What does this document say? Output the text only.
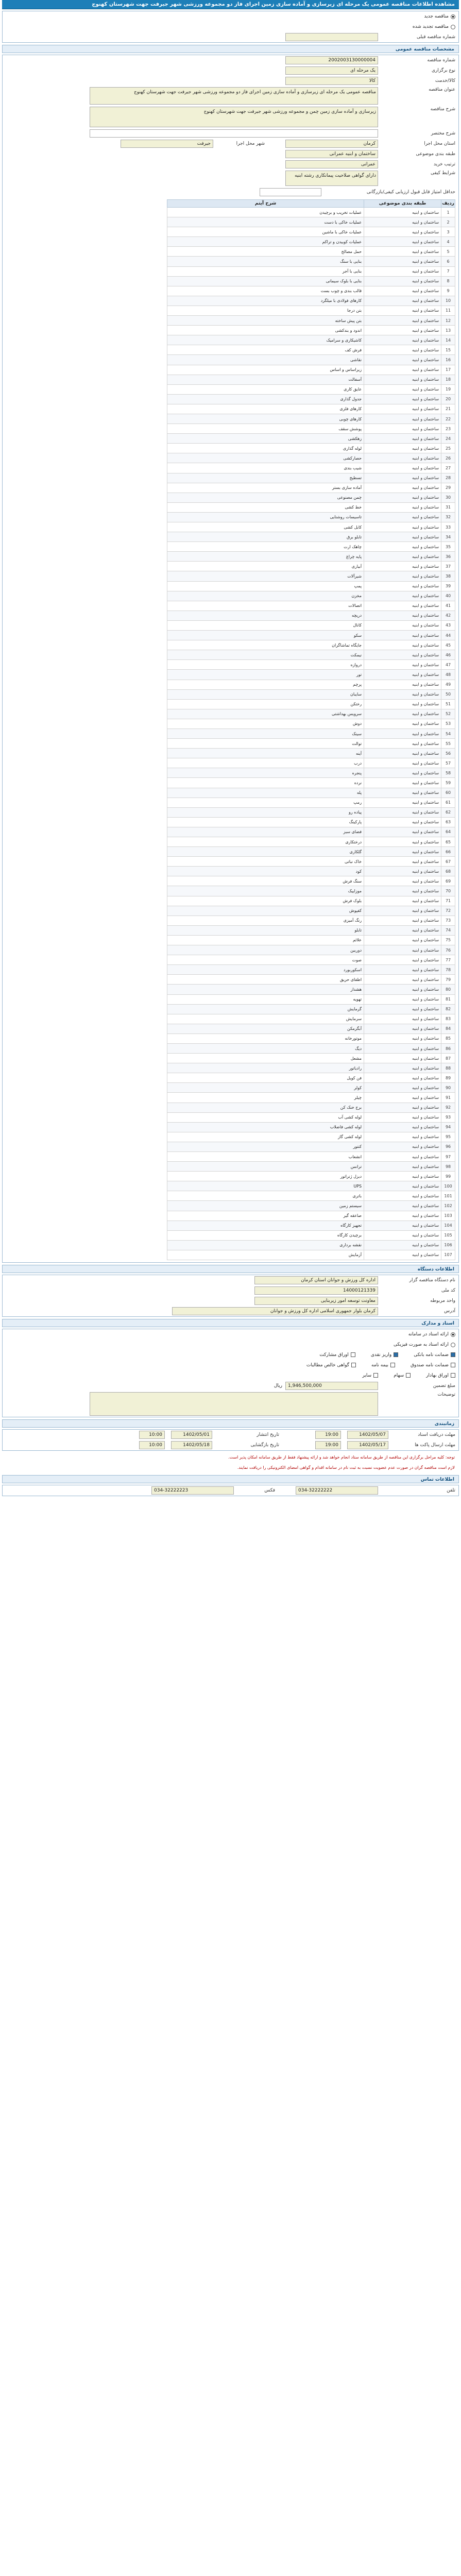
مشاهده اطلاعات مناقصه عمومی یک مرحله ای زیرسازی و آماده سازی زمین اجرای فاز دو مجموعه ورزشی شهر جیرفت جهت شهرستان کهنوج
مناقصه جدید
مناقصه تجدید شده
شماره مناقصه قبلی
مشخصات مناقصه عمومی
شماره مناقصه
2002003130000004
نوع برگزاری
یک مرحله ای
کالا/خدمت
کالا
عنوان مناقصه
مناقصه عمومی یک مرحله ای زیرسازی و آماده سازی زمین اجرای فاز دو مجموعه ورزشی شهر جیرفت جهت شهرستان کهنوج
شرح مناقصه
زیرسازی و آماده سازی زمین چمن و مجموعه ورزشی شهر جیرفت جهت شهرستان کهنوج
شرح مختصر
استان محل اجرا
کرمان
شهر محل اجرا
جیرفت
طبقه بندی موضوعی
ساختمان و ابنیه عمرانی
ترتیب خرید
عمرانی
شرایط کیفی
دارای گواهی صلاحیت پیمانکاری رشته ابنیه
حداقل امتیاز قابل قبول ارزیابی کیفی/بازرگانی
ردیف	طبقه بندی موضوعی	شرح آیتم
1	ساختمان و ابنیه	عملیات تخریب و برچیدن
2	ساختمان و ابنیه	عملیات خاکی با دست
3	ساختمان و ابنیه	عملیات خاکی با ماشین
4	ساختمان و ابنیه	عملیات کوبیدن و تراکم
5	ساختمان و ابنیه	حمل مصالح
6	ساختمان و ابنیه	بنایی با سنگ
7	ساختمان و ابنیه	بنایی با آجر
8	ساختمان و ابنیه	بنایی با بلوک سیمانی
9	ساختمان و ابنیه	قالب بندی و چوب بست
10	ساختمان و ابنیه	کارهای فولادی با میلگرد
11	ساختمان و ابنیه	بتن درجا
12	ساختمان و ابنیه	بتن پیش ساخته
13	ساختمان و ابنیه	اندود و بندکشی
14	ساختمان و ابنیه	کاشیکاری و سرامیک
15	ساختمان و ابنیه	فرش کف
16	ساختمان و ابنیه	نقاشی
17	ساختمان و ابنیه	زیراساس و اساس
18	ساختمان و ابنیه	آسفالت
19	ساختمان و ابنیه	عایق کاری
20	ساختمان و ابنیه	جدول گذاری
21	ساختمان و ابنیه	کارهای فلزی
22	ساختمان و ابنیه	کارهای چوبی
23	ساختمان و ابنیه	پوشش سقف
24	ساختمان و ابنیه	زهکشی
25	ساختمان و ابنیه	لوله گذاری
26	ساختمان و ابنیه	حصارکشی
27	ساختمان و ابنیه	شیب بندی
28	ساختمان و ابنیه	تسطیح
29	ساختمان و ابنیه	آماده سازی بستر
30	ساختمان و ابنیه	چمن مصنوعی
31	ساختمان و ابنیه	خط کشی
32	ساختمان و ابنیه	تاسیسات روشنایی
33	ساختمان و ابنیه	کابل کشی
34	ساختمان و ابنیه	تابلو برق
35	ساختمان و ابنیه	چاهک ارت
36	ساختمان و ابنیه	پایه چراغ
37	ساختمان و ابنیه	آبیاری
38	ساختمان و ابنیه	شیرآلات
39	ساختمان و ابنیه	پمپ
40	ساختمان و ابنیه	مخزن
41	ساختمان و ابنیه	اتصالات
42	ساختمان و ابنیه	دریچه
43	ساختمان و ابنیه	کانال
44	ساختمان و ابنیه	سکو
45	ساختمان و ابنیه	جایگاه تماشاگران
46	ساختمان و ابنیه	نیمکت
47	ساختمان و ابنیه	دروازه
48	ساختمان و ابنیه	تور
49	ساختمان و ابنیه	پرچم
50	ساختمان و ابنیه	سایبان
51	ساختمان و ابنیه	رختکن
52	ساختمان و ابنیه	سرویس بهداشتی
53	ساختمان و ابنیه	دوش
54	ساختمان و ابنیه	سینک
55	ساختمان و ابنیه	توالت
56	ساختمان و ابنیه	آینه
57	ساختمان و ابنیه	درب
58	ساختمان و ابنیه	پنجره
59	ساختمان و ابنیه	نرده
60	ساختمان و ابنیه	پله
61	ساختمان و ابنیه	رمپ
62	ساختمان و ابنیه	پیاده رو
63	ساختمان و ابنیه	پارکینگ
64	ساختمان و ابنیه	فضای سبز
65	ساختمان و ابنیه	درختکاری
66	ساختمان و ابنیه	گلکاری
67	ساختمان و ابنیه	خاک نباتی
68	ساختمان و ابنیه	کود
69	ساختمان و ابنیه	سنگ فرش
70	ساختمان و ابنیه	موزاییک
71	ساختمان و ابنیه	بلوک فرش
72	ساختمان و ابنیه	کفپوش
73	ساختمان و ابنیه	رنگ آمیزی
74	ساختمان و ابنیه	تابلو
75	ساختمان و ابنیه	علائم
76	ساختمان و ابنیه	دوربین
77	ساختمان و ابنیه	صوت
78	ساختمان و ابنیه	اسکوربورد
79	ساختمان و ابنیه	اطفای حریق
80	ساختمان و ابنیه	هشدار
81	ساختمان و ابنیه	تهویه
82	ساختمان و ابنیه	گرمایش
83	ساختمان و ابنیه	سرمایش
84	ساختمان و ابنیه	آبگرمکن
85	ساختمان و ابنیه	موتورخانه
86	ساختمان و ابنیه	دیگ
87	ساختمان و ابنیه	مشعل
88	ساختمان و ابنیه	رادیاتور
89	ساختمان و ابنیه	فن کویل
90	ساختمان و ابنیه	کولر
91	ساختمان و ابنیه	چیلر
92	ساختمان و ابنیه	برج خنک کن
93	ساختمان و ابنیه	لوله کشی آب
94	ساختمان و ابنیه	لوله کشی فاضلاب
95	ساختمان و ابنیه	لوله کشی گاز
96	ساختمان و ابنیه	کنتور
97	ساختمان و ابنیه	انشعاب
98	ساختمان و ابنیه	ترانس
99	ساختمان و ابنیه	دیزل ژنراتور
100	ساختمان و ابنیه	UPS
101	ساختمان و ابنیه	باتری
102	ساختمان و ابنیه	سیستم زمین
103	ساختمان و ابنیه	صاعقه گیر
104	ساختمان و ابنیه	تجهیز کارگاه
105	ساختمان و ابنیه	برچیدن کارگاه
106	ساختمان و ابنیه	نقشه برداری
107	ساختمان و ابنیه	آزمایش
اطلاعات دستگاه
نام دستگاه مناقصه گزار
اداره کل ورزش و جوانان استان کرمان
کد ملی
14000121339
واحد مربوطه
معاونت توسعه امور زیربنایی
آدرس
کرمان بلوار جمهوری اسلامی اداره کل ورزش و جوانان
اسناد و مدارک
ارائه اسناد در سامانه
ارائه اسناد به صورت فیزیکی
ضمانت نامه بانکی
واریز نقدی
اوراق مشارکت
ضمانت نامه صندوق
بیمه نامه
گواهی خالص مطالبات
اوراق بهادار
سهام
سایر
مبلغ تضمین
1,946,500,000
ریال
توضیحات
زمانبندی
مهلت دریافت اسناد
1402/05/07
19:00
تاریخ انتشار
1402/05/01
10:00
مهلت ارسال پاکت ها
1402/05/17
19:00
تاریخ بازگشایی
1402/05/18
10:00
توجه: کلیه مراحل برگزاری این مناقصه از طریق سامانه ستاد انجام خواهد شد و ارائه پیشنهاد فقط از طریق سامانه امکان پذیر است.
لازم است مناقصه گران در صورت عدم عضویت نسبت به ثبت نام در سامانه اقدام و گواهی امضای الکترونیکی را دریافت نمایند.
اطلاعات تماس
تلفن
034-32222222
فکس
034-32222223
